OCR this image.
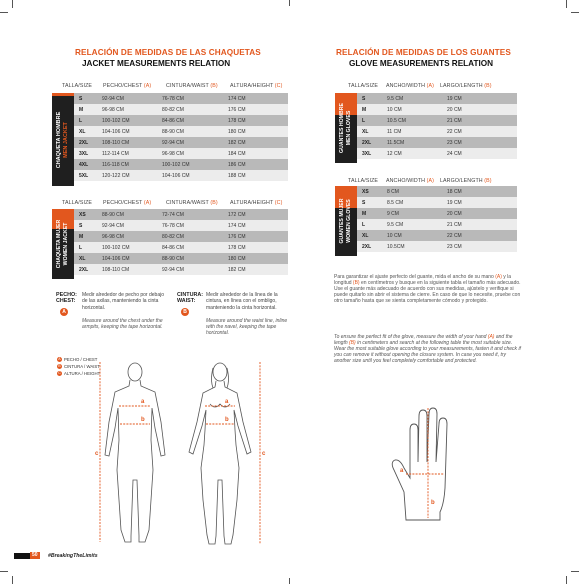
RELACIÓN DE MEDIDAS DE LAS CHAQUETAS
JACKET MEASUREMENTS RELATION
TALLA/SIZE PECHO/CHEST (A)	CINTURA/WAIST (B) ALTURA/HEIGHT (C)
CHAQUETA HOMBRE
MEN JACKET
S	92-94 CM	76-78 CM	174 CM
M	96-98 CM	80-82 CM	176 CM
L	100-102 CM	84-86 CM	178 CM
XL	104-106 CM	88-90 CM	180 CM
2XL	108-110 CM	92-94 CM	182 CM
3XL	112-114 CM	96-98 CM	184 CM
4XL	116-118 CM	100-102 CM	186 CM
5XL	120-122 CM	104-106 CM	188 CM
TALLA/SIZE PECHO/CHEST (A)	CINTURA/WAIST (B) ALTURA/HEIGHT (C)
CHAQUETA MUJER
WOMEN JACKET
XS	88-90 CM	72-74 CM	172 CM
S	92-94 CM	76-78 CM	174 CM
M	96-98 CM	80-82 CM	176 CM
L	100-102 CM	84-86 CM	178 CM
XL	104-106 CM	88-90 CM	180 CM
2XL	108-110 CM	92-94 CM	182 CM
PECHO: CHEST:
A
Medir alrededor de pecho por debajo de las axilas, manteniendo la cinta horizontal.

Measure around the chest under the armpits, keeping the tape horizontal.
CINTURA: WAIST:
B
Medir alrededor de la línea de la cintura, en línea con el ombligo, manteniendo la cinta horizontal.

Measure around the waist line, inline with the navel, keeping the tape horizontal.
A PECHO / CHEST
B CINTURA / WAIST
C ALTURA / HEIGHT
a
b
c
a
b
c
50	#BreakingTheLimits
RELACIÓN DE MEDIDAS DE LOS GUANTES
GLOVE MEASUREMENTS RELATION
TALLA/SIZE ANCHO/WIDTH (A) LARGO/LENGTH (B)
GUANTES HOMBRE
MEN GLOVES
S	9.5 CM	19 CM
M	10 CM	20 CM
L	10.5 CM	21 CM
XL	11 CM	22 CM
2XL	11.5CM	23 CM
3XL	12 CM	24 CM
TALLA/SIZE ANCHO/WIDTH (A) LARGO/LENGTH (B)
GUANTES MUJER
WOMEN GLOVES
XS	8 CM	18 CM
S	8.5 CM	19 CM
M	9 CM	20 CM
L	9.5 CM	21 CM
XL	10 CM	22 CM
2XL	10.5CM	23 CM
Para garantizar el ajuste perfecto del guante, mida el ancho de su mano (A) y la longitud (B) en centímetros y busque en la siguiente tabla el tamaño más adecuado. Use el guante más adecuado de acuerdo con sus medidas, ajústelo y verifique si puede quitarlo sin abrir el sistema de cierre. En caso de que lo necesite, pruebe con otro tamaño hasta que se sienta completamente cómodo y protegido.
To ensure the perfect fit of the glove, measure the width of your hand (A) and the length (B) in centimeters and search at the following table the most suitable size. Wear the most suitable glove according to your measurements, fasten it and check if you can remove it without opening the closure system. In case you need it, try another size until you feel completely comfortable and protected.
a
b
